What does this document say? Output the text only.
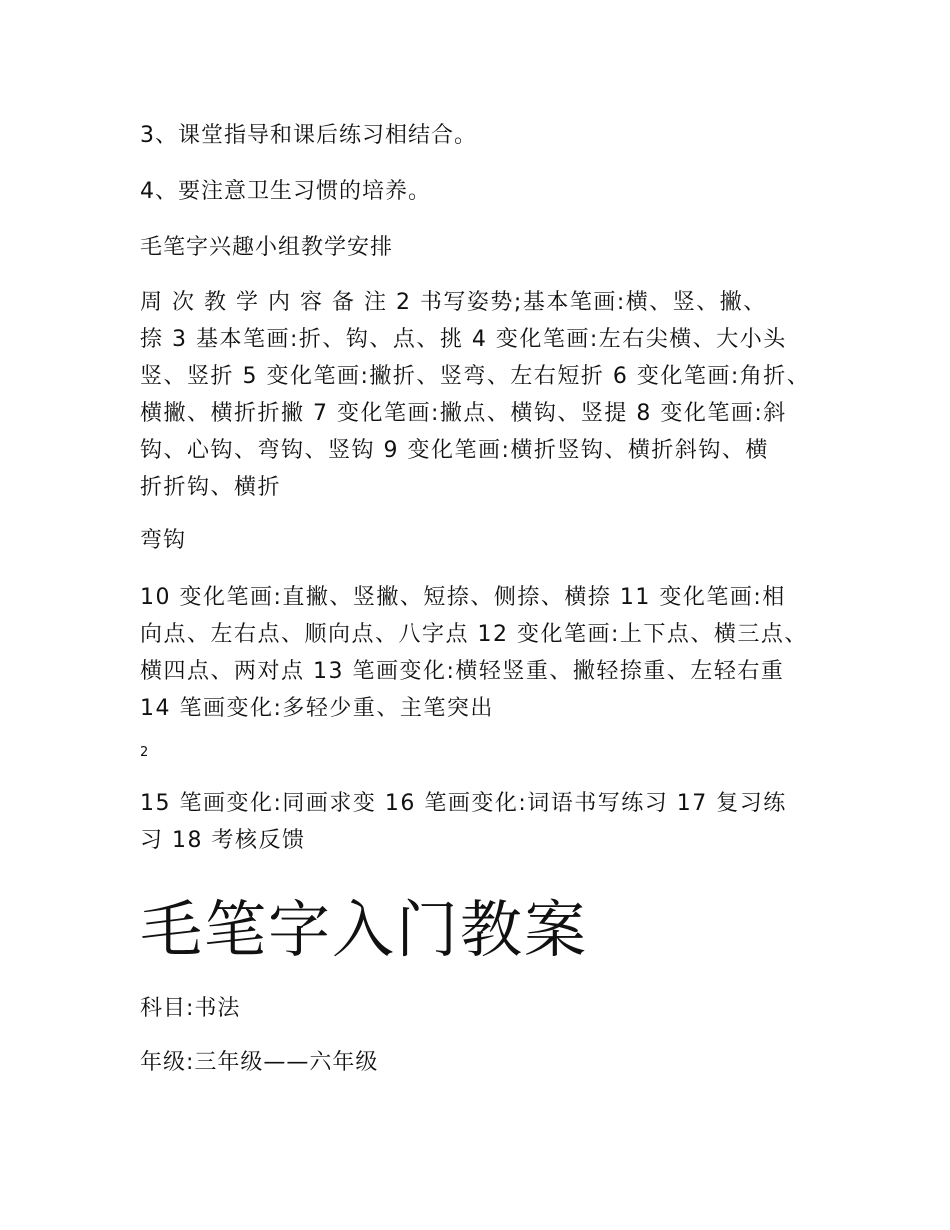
3、课堂指导和课后练习相结合。
4、要注意卫生习惯的培养。
毛笔字兴趣小组教学安排
周 次 教 学 内 容 备 注 2 书写姿势;基本笔画:横、竖、撇、
捺 3 基本笔画:折、钩、点、挑 4 变化笔画:左右尖横、大小头
竖、竖折 5 变化笔画:撇折、竖弯、左右短折 6 变化笔画:角折、
横撇、横折折撇 7 变化笔画:撇点、横钩、竖提 8 变化笔画:斜
钩、心钩、弯钩、竖钩 9 变化笔画:横折竖钩、横折斜钩、横
折折钩、横折
弯钩
10 变化笔画:直撇、竖撇、短捺、侧捺、横捺 11 变化笔画:相
向点、左右点、顺向点、八字点 12 变化笔画:上下点、横三点、
横四点、两对点 13 笔画变化:横轻竖重、撇轻捺重、左轻右重
14 笔画变化:多轻少重、主笔突出
2
15 笔画变化:同画求变 16 笔画变化:词语书写练习 17 复习练
习 18 考核反馈
毛笔字入门教案
科目:书法
年级:三年级——六年级
